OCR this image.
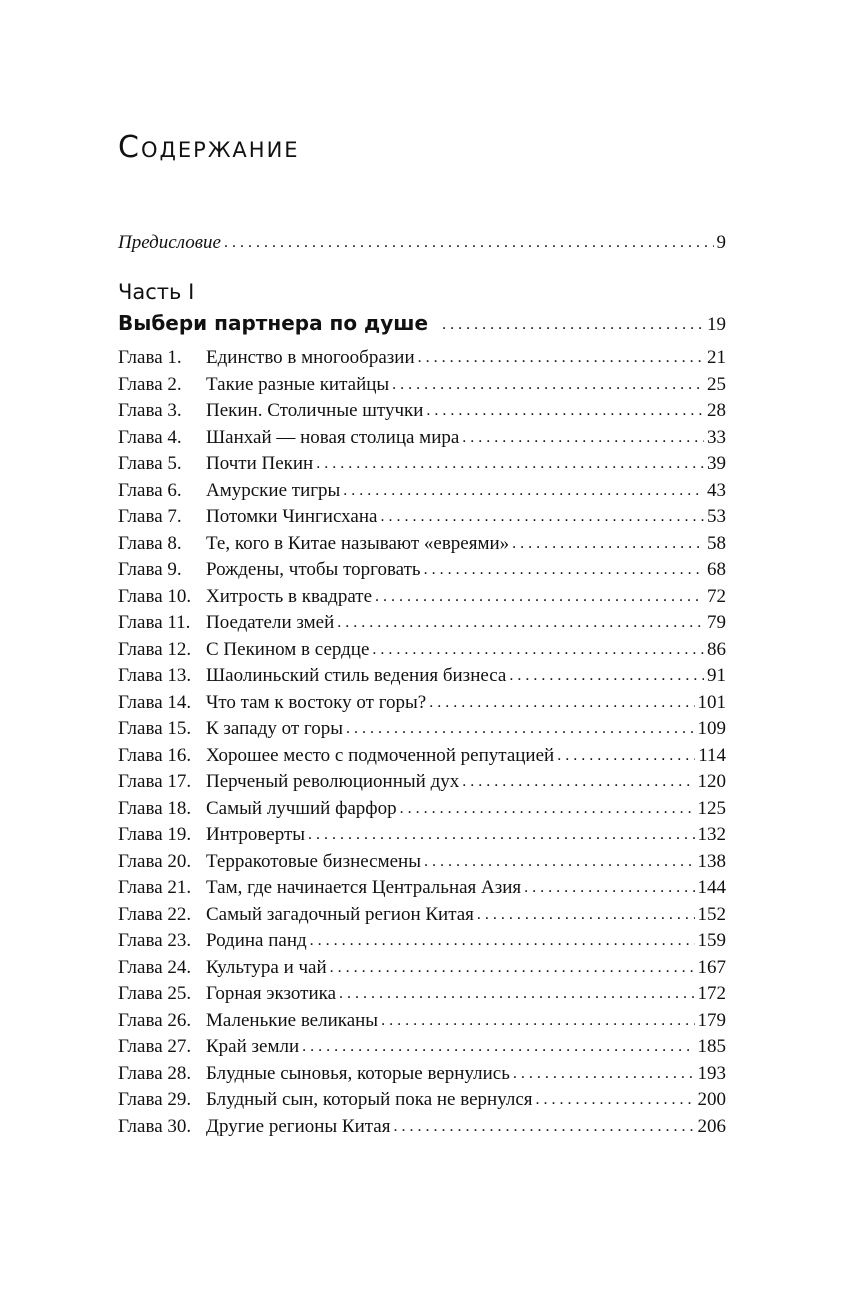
Содержание
Предисловие . . .	9
Часть I
Выбери партнера по душе . . .	19
Глава 1.	Единство в многообразии . . .	21
Глава 2.	Такие разные китайцы . . .	25
Глава 3.	Пекин. Столичные штучки . . .	28
Глава 4.	Шанхай — новая столица мира . . .	33
Глава 5.	Почти Пекин . . .	39
Глава 6.	Амурские тигры . . .	43
Глава 7.	Потомки Чингисхана . . .	53
Глава 8.	Те, кого в Китае называют «евреями» . . .	58
Глава 9.	Рождены, чтобы торговать . . .	68
Глава 10. Хитрость в квадрате . . .	72
Глава 11. Поедатели змей . . .	79
Глава 12. С Пекином в сердце . . .	86
Глава 13. Шаолиньский стиль ведения бизнеса . . .	91
Глава 14. Что там к востоку от горы? . . .	101
Глава 15. К западу от горы . . .	109
Глава 16. Хорошее место с подмоченной репутацией . . .	114
Глава 17. Перченый революционный дух . . .	120
Глава 18. Самый лучший фарфор . . .	125
Глава 19. Интроверты . . .	132
Глава 20. Терракотовые бизнесмены . . .	138
Глава 21. Там, где начинается Центральная Азия . . .	144
Глава 22. Самый загадочный регион Китая . . .	152
Глава 23. Родина панд . . .	159
Глава 24. Культура и чай . . .	167
Глава 25. Горная экзотика . . .	172
Глава 26. Маленькие великаны . . .	179
Глава 27. Край земли . . .	185
Глава 28. Блудные сыновья, которые вернулись . . .	193
Глава 29. Блудный сын, который пока не вернулся . . .	200
Глава 30. Другие регионы Китая . . .	206
